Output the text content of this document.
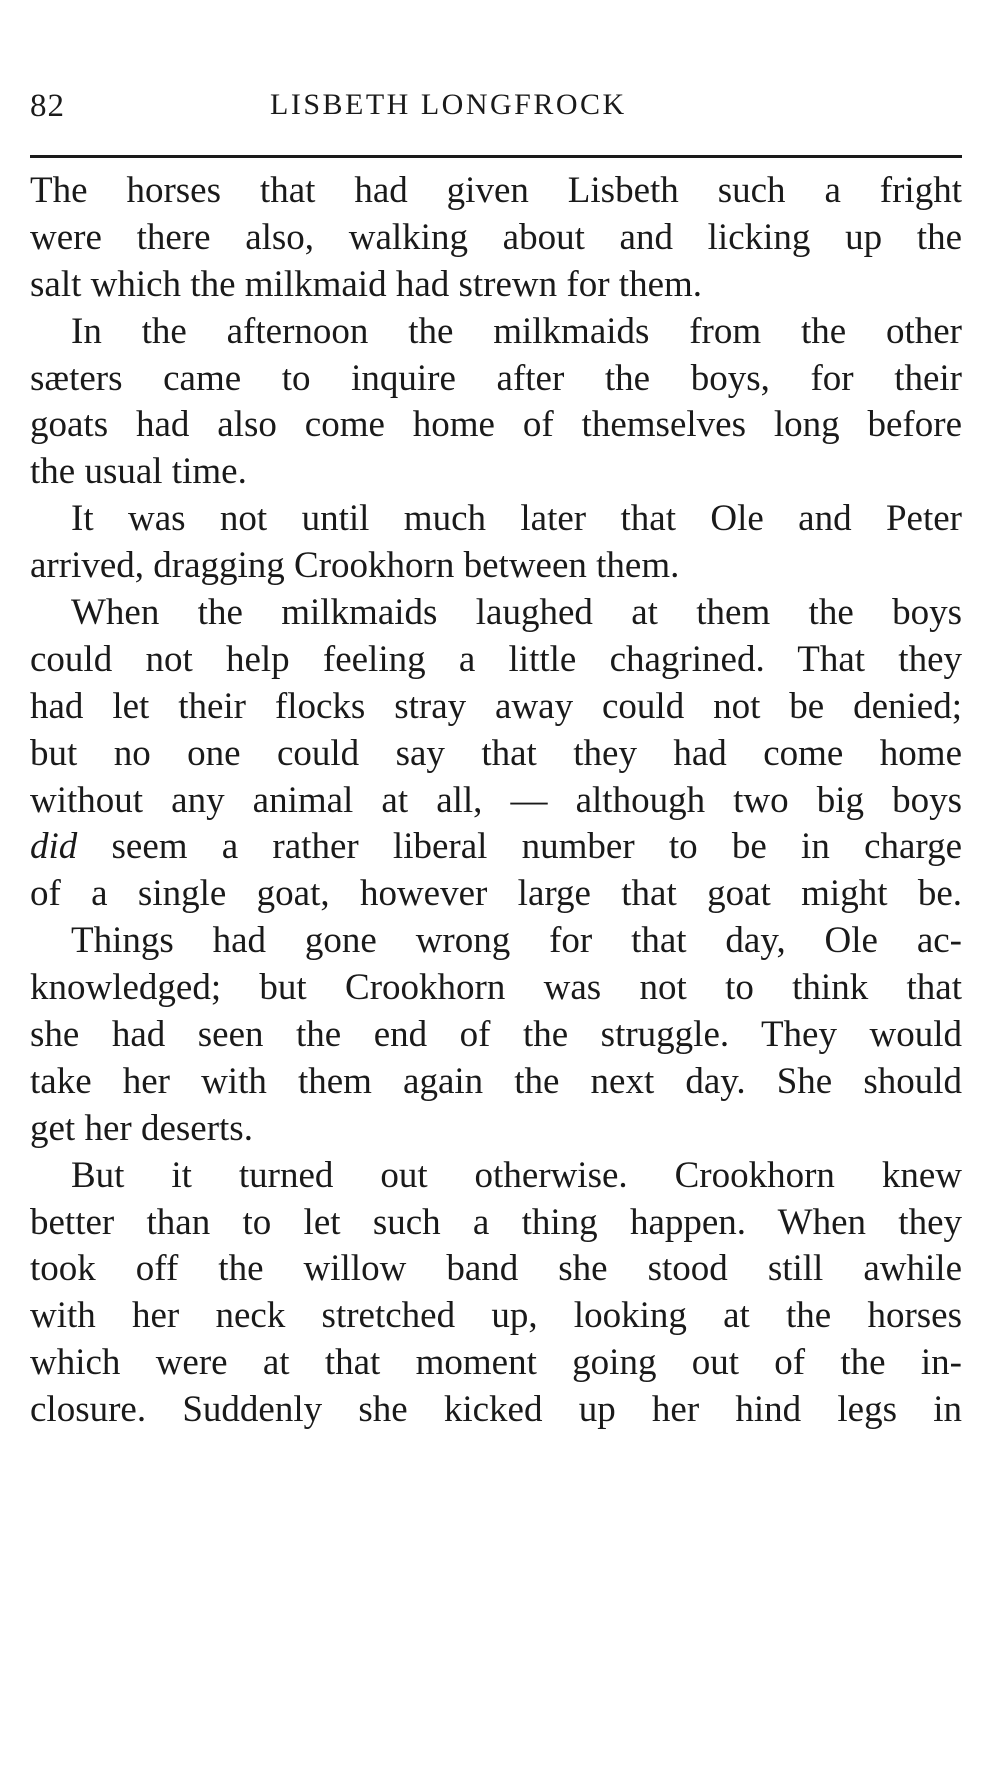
82	LISBETH LONGFROCK
The horses that had given Lisbeth such a fright
were there also, walking about and licking up the
salt which the milkmaid had strewn for them.
In the afternoon the milkmaids from the other
sæters came to inquire after the boys, for their
goats had also come home of themselves long before
the usual time.
It was not until much later that Ole and Peter
arrived, dragging Crookhorn between them.
When the milkmaids laughed at them the boys
could not help feeling a little chagrined. That they
had let their flocks stray away could not be denied;
but no one could say that they had come home
without any animal at all, — although two big boys
did seem a rather liberal number to be in charge
of a single goat, however large that goat might be.
Things had gone wrong for that day, Ole ac-
knowledged; but Crookhorn was not to think that
she had seen the end of the struggle. They would
take her with them again the next day. She should
get her deserts.
But it turned out otherwise. Crookhorn knew
better than to let such a thing happen. When they
took off the willow band she stood still awhile
with her neck stretched up, looking at the horses
which were at that moment going out of the in-
closure. Suddenly she kicked up her hind legs in
